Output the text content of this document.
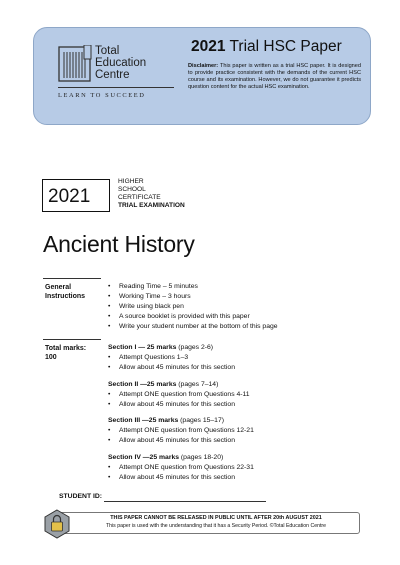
Total
Education
Centre
LEARN TO SUCCEED
2021 Trial HSC Paper
Disclaimer: This paper is written as a trial HSC paper. It is designed to provide practice consistent with the demands of the current HSC course and its examination. However, we do not guarantee it predicts question content for the actual HSC examination.
2021
HIGHER
SCHOOL
CERTIFICATE
TRIAL EXAMINATION
Ancient History
General
Instructions
• Reading Time – 5 minutes
• Working Time – 3 hours
• Write using black pen
• A source booklet is provided with this paper
• Write your student number at the bottom of this page
Total marks:
100
Section I — 25 marks (pages 2-6)
• Attempt Questions 1–3
• Allow about 45 minutes for this section
Section II —25 marks (pages 7–14)
• Attempt ONE question from Questions 4-11
• Allow about 45 minutes for this section
Section III —25 marks (pages 15–17)
• Attempt ONE question from Questions 12-21
• Allow about 45 minutes for this section
Section IV —25 marks (pages 18-20)
• Attempt ONE question from Questions 22-31
• Allow about 45 minutes for this section
STUDENT ID:
THIS PAPER CANNOT BE RELEASED IN PUBLIC UNTIL AFTER 20th AUGUST 2021
This paper is used with the understanding that it has a Security Period. ©Total Education Centre
